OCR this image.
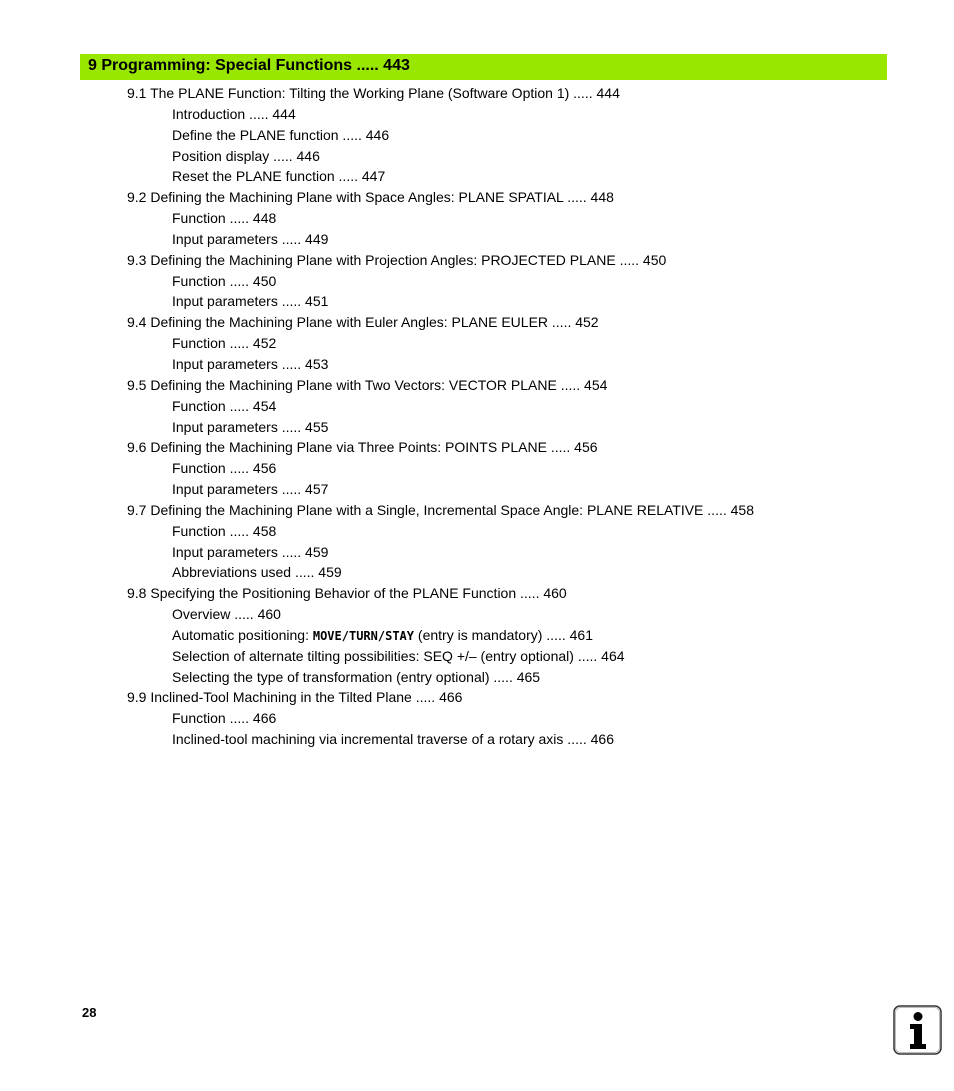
9 Programming: Special Functions ..... 443
9.1 The PLANE Function: Tilting the Working Plane (Software Option 1) ..... 444
Introduction ..... 444
Define the PLANE function ..... 446
Position display ..... 446
Reset the PLANE function ..... 447
9.2 Defining the Machining Plane with Space Angles: PLANE SPATIAL ..... 448
Function ..... 448
Input parameters ..... 449
9.3 Defining the Machining Plane with Projection Angles: PROJECTED PLANE ..... 450
Function ..... 450
Input parameters ..... 451
9.4 Defining the Machining Plane with Euler Angles: PLANE EULER ..... 452
Function ..... 452
Input parameters ..... 453
9.5 Defining the Machining Plane with Two Vectors: VECTOR PLANE ..... 454
Function ..... 454
Input parameters ..... 455
9.6 Defining the Machining Plane via Three Points: POINTS PLANE ..... 456
Function ..... 456
Input parameters ..... 457
9.7 Defining the Machining Plane with a Single, Incremental Space Angle: PLANE RELATIVE ..... 458
Function ..... 458
Input parameters ..... 459
Abbreviations used ..... 459
9.8 Specifying the Positioning Behavior of the PLANE Function ..... 460
Overview ..... 460
Automatic positioning: MOVE/TURN/STAY (entry is mandatory) ..... 461
Selection of alternate tilting possibilities: SEQ +/– (entry optional) ..... 464
Selecting the type of transformation (entry optional) ..... 465
9.9 Inclined-Tool Machining in the Tilted Plane ..... 466
Function ..... 466
Inclined-tool machining via incremental traverse of a rotary axis ..... 466
28
